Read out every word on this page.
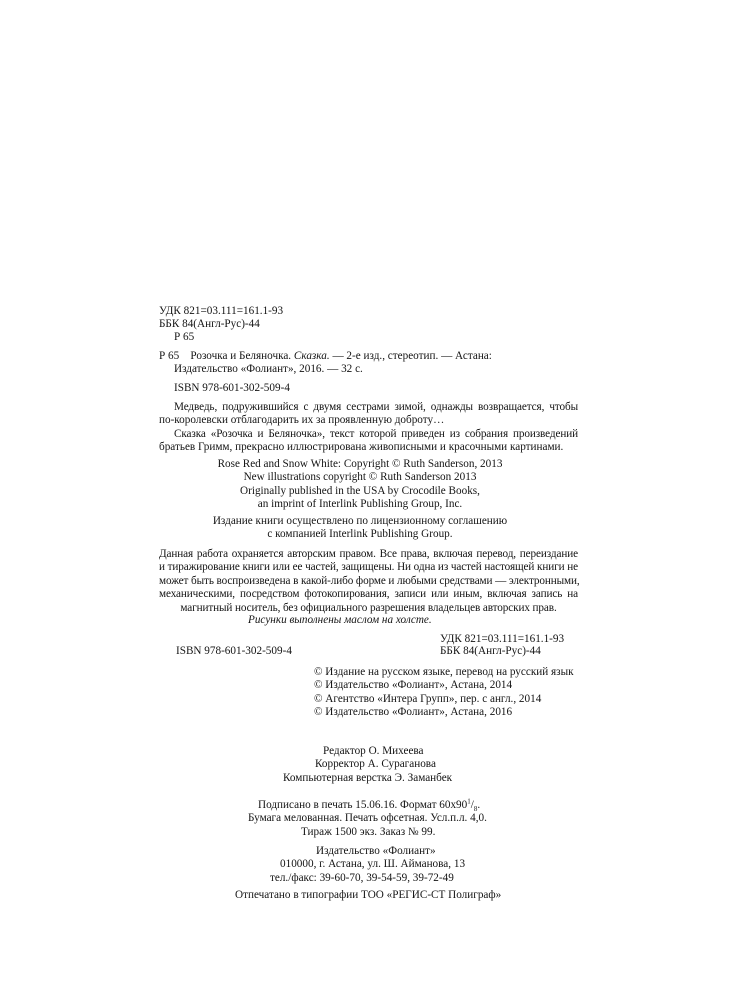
УДК 821=03.111=161.1-93

ББК 84(Англ-Рус)-44

Р 65

Р 65  Розочка и Беляночка. Сказка. — 2-е изд., стереотип. — Астана:

Издательство «Фолиант», 2016. — 32 с.

ISBN 978-601-302-509-4

Медведь, подружившийся с двумя сестрами зимой, однажды возвращается, чтобы
по-королевски отблагодарить их за проявленную доброту…
Сказка «Розочка и Беляночка», текст которой приведен из собрания произведений
братьев Гримм, прекрасно иллюстрирована живописными и красочными картинами.

Rose Red and Snow White: Copyright © Ruth Sanderson, 2013

New illustrations copyright © Ruth Sanderson 2013

Originally published in the USA by Crocodile Books,

an imprint of Interlink Publishing Group, Inc.

Издание книги осуществлено по лицензионному соглашению

с компанией Interlink Publishing Group.

Данная работа охраняется авторским правом. Все права, включая перевод, переиздание
и тиражирование книги или ее частей, защищены. Ни одна из частей настоящей книги не
может быть воспроизведена в какой-либо форме и любыми средствами — электронными,
механическими, посредством фотокопирования, записи или иным, включая запись на
магнитный носитель, без официального разрешения владельцев авторских прав.

Рисунки выполнены маслом на холсте.

УДК 821=03.111=161.1-93

ISBN 978-601-302-509-4	ББК 84(Англ-Рус)-44

© Издание на русском языке, перевод на русский язык

© Издательство «Фолиант», Астана, 2014

© Агентство «Интера Групп», пер. с англ., 2014

© Издательство «Фолиант», Астана, 2016

Редактор О. Михеева

Корректор А. Сураганова

Компьютерная верстка Э. Заманбек

Подписано в печать 15.06.16. Формат $60х90^1/_8$.

Бумага мелованная. Печать офсетная. Усл.п.л. 4,0.

Тираж 1500 экз. Заказ № 99.

Издательство «Фолиант»

010000, г. Астана, ул. Ш. Айманова, 13

тел./факс: 39-60-70, 39-54-59, 39-72-49

Отпечатано в типографии ТОО «РЕГИС-СТ Полиграф»
